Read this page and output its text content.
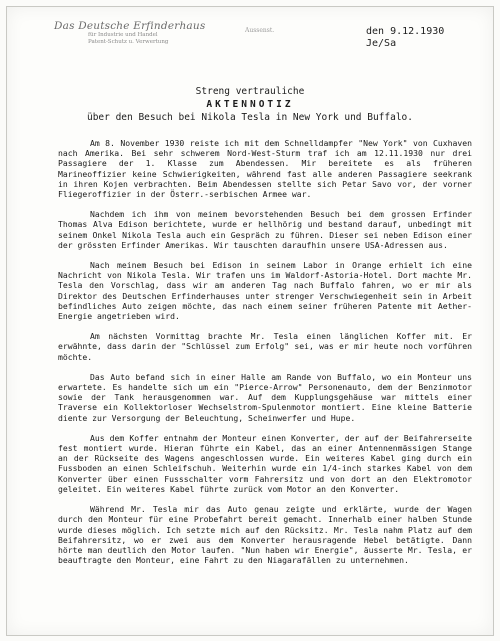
Das Deutsche Erfinderhaus
für Industrie und Handel
Patent-Schutz u. Verwertung
Aussenst.	den 9.12.1930
Je/Sa
Streng vertrauliche
AKTENNOTIZ
über den Besuch bei Nikola Tesla in New York und Buffalo.

Am 8. November 1930 reiste ich mit dem Schnelldampfer "New York" von Cuxhaven nach Amerika. Bei sehr schwerem Nord-West-Sturm traf ich am 12.11.1930 nur drei Passagiere der 1. Klasse zum Abendessen. Mir bereitete es als früheren Marineoffizier keine Schwierigkeiten, während fast alle anderen Passagiere seekrank in ihren Kojen verbrachten. Beim Abendessen stellte sich Petar Savo vor, der vorner Fliegeroffizier in der Österr.-serbischen Armee war.

Nachdem ich ihm von meinem bevorstehenden Besuch bei dem grossen Erfinder Thomas Alva Edison berichtete, wurde er hellhörig und bestand darauf, unbedingt mit seinem Onkel Nikola Tesla auch ein Gespräch zu führen. Dieser sei neben Edison einer der grössten Erfinder Amerikas. Wir tauschten daraufhin unsere USA-Adressen aus.

Nach meinem Besuch bei Edison in seinem Labor in Orange erhielt ich eine Nachricht von Nikola Tesla. Wir trafen uns im Waldorf-Astoria-Hotel. Dort machte Mr. Tesla den Vorschlag, dass wir am anderen Tag nach Buffalo fahren, wo er mir als Direktor des Deutschen Erfinderhauses unter strenger Verschwiegenheit sein in Arbeit befindliches Auto zeigen möchte, das nach einem seiner früheren Patente mit Aether-Energie angetrieben wird.

Am nächsten Vormittag brachte Mr. Tesla einen länglichen Koffer mit. Er erwähnte, dass darin der "Schlüssel zum Erfolg" sei, was er mir heute noch vorführen möchte.

Das Auto befand sich in einer Halle am Rande von Buffalo, wo ein Monteur uns erwartete. Es handelte sich um ein "Pierce-Arrow" Personenauto, dem der Benzinmotor sowie der Tank herausgenommen war. Auf dem Kupplungsgehäuse war mittels einer Traverse ein Kollektorloser Wechselstrom-Spulenmotor montiert. Eine kleine Batterie diente zur Versorgung der Beleuchtung, Scheinwerfer und Hupe.

Aus dem Koffer entnahm der Monteur einen Konverter, der auf der Beifahrerseite fest montiert wurde. Hieran führte ein Kabel, das an einer Antennenmässigen Stange an der Rückseite des Wagens angeschlossen wurde. Ein weiteres Kabel ging durch ein Fussboden an einen Schleifschuh. Weiterhin wurde ein 1/4-inch starkes Kabel von dem Konverter über einen Fussschalter vorm Fahrersitz und von dort an den Elektromotor geleitet. Ein weiteres Kabel führte zurück vom Motor an den Konverter.

Während Mr. Tesla mir das Auto genau zeigte und erklärte, wurde der Wagen durch den Monteur für eine Probefahrt bereit gemacht. Innerhalb einer halben Stunde wurde dieses möglich. Ich setzte mich auf den Rücksitz. Mr. Tesla nahm Platz auf dem Beifahrersitz, wo er zwei aus dem Konverter herausragende Hebel betätigte. Dann hörte man deutlich den Motor laufen. "Nun haben wir Energie", äusserte Mr. Tesla, er beauftragte den Monteur, eine Fahrt zu den Niagarafällen zu unternehmen.
